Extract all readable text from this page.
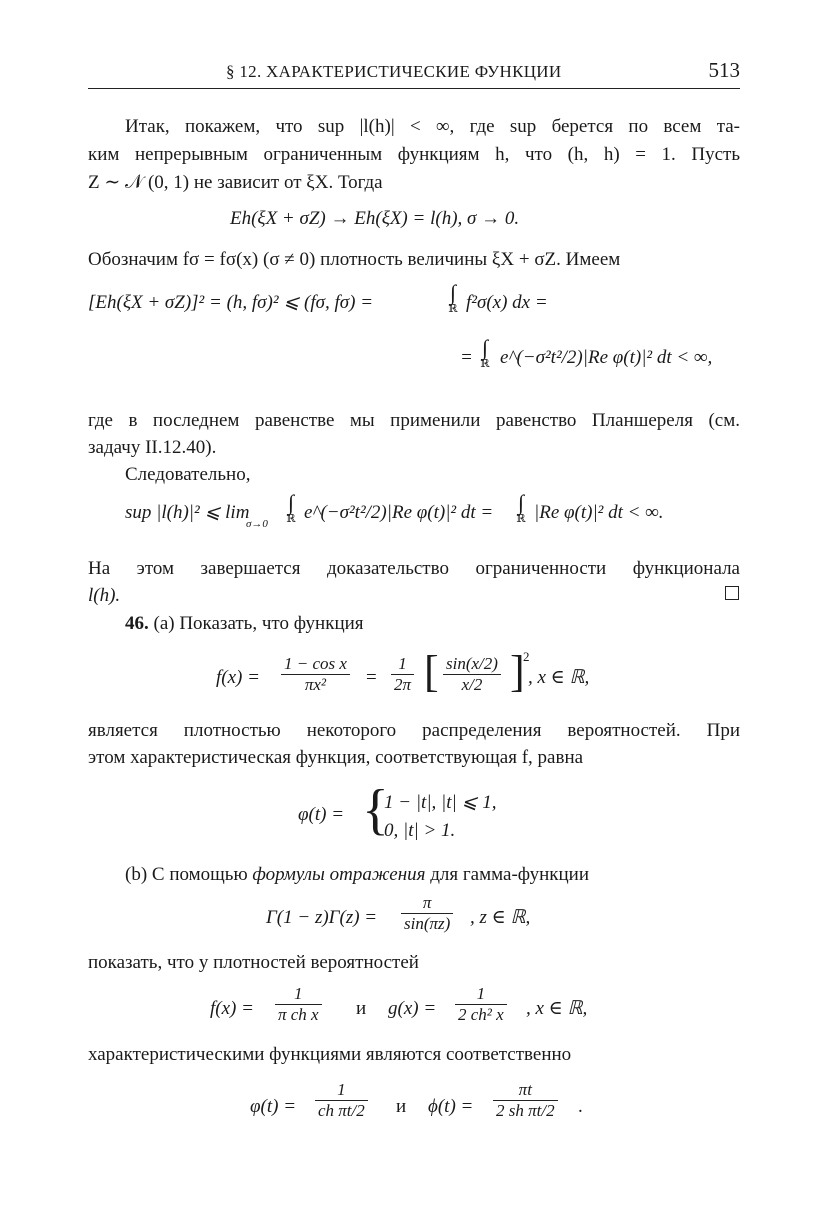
§ 12. ХАРАКТЕРИСТИЧЕСКИЕ ФУНКЦИИ	513
Итак, покажем, что sup |l(h)| < ∞, где sup берется по всем та-
ким непрерывным ограниченным функциям h, что (h, h) = 1. Пусть
Z ∼ 𝒩 (0, 1) не зависит от ξX. Тогда
Eh(ξX + σZ) → Eh(ξX) = l(h), σ → 0.
Обозначим fσ = fσ(x) (σ ≠ 0) плотность величины ξX + σZ. Имеем
[Eh(ξX + σZ)]² = (h, fσ)² ⩽ (fσ, fσ) =	∫
ℝ f²σ(x) dx =
= ∫
ℝ e^(−σ²t²/2)|Re φ(t)|² dt < ∞,
где в последнем равенстве мы применили равенство Планшереля (см.
задачу II.12.40).
Следовательно,
sup |l(h)|² ⩽ lim
σ→0
∫
ℝ e^(−σ²t²/2)|Re φ(t)|² dt = ∫
ℝ |Re φ(t)|² dt < ∞.
На этом завершается доказательство ограниченности функционала
l(h).
46. (a) Показать, что функция
$f(x) = \frac{\text{1 − cos x}}{\text{πx²}} = \frac{1}{2\pi}$ [ $\frac{\sin(x/2)}{x/2}$ ]
2
, x ∈ ℝ,
является плотностью некоторого распределения вероятностей. При
этом характеристическая функция, соответствующая f, равна
φ(t) = {
1 − |t|, |t| ⩽ 1,
0, |t| > 1.
(b) С помощью формулы отражения для гамма-функции
$\Gamma(1 - z)\Gamma(z) = \frac{\pi}{\sin(\pi z)}$ , z ∈ ℝ,
показать, что у плотностей вероятностей
$f(x) = \frac{1}{\text{π ch x}}$ и $g(x) = \frac{1}{\text{2 ch² x}}$ , x ∈ ℝ,
характеристическими функциями являются соответственно
$\varphi(t) = \frac{1}{\text{ch πt/2}}$ и $\phi(t) = \frac{\pi t}{\text{2 sh πt/2}}$ .
